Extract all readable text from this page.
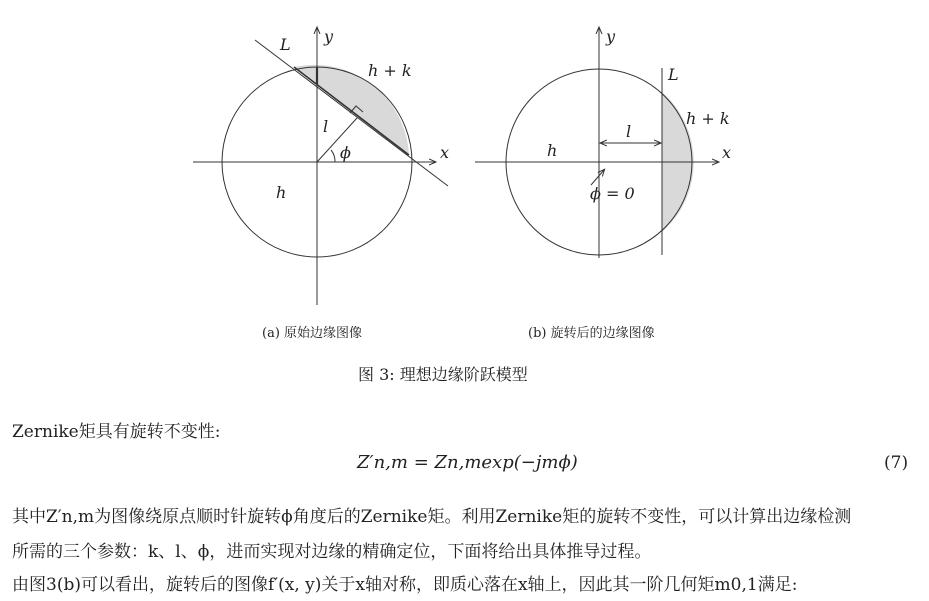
y
x
L
h + k
h
l
ϕ
y
x
L
h + k
h
l
ϕ = 0
(a) 原始边缘图像	(b) 旋转后的边缘图像
图 3: 理想边缘阶跃模型
Zernike矩具有旋转不变性:
Z′n,m = Zn,mexp(−jmϕ)	(7)
其中Z′n,m为图像绕原点顺时针旋转ϕ角度后的Zernike矩。利用Zernike矩的旋转不变性，可以计算出边缘检测
所需的三个参数：k、l、ϕ，进而实现对边缘的精确定位，下面将给出具体推导过程。
由图3(b)可以看出，旋转后的图像f′(x, y)关于x轴对称，即质心落在x轴上，因此其一阶几何矩m0,1满足:
